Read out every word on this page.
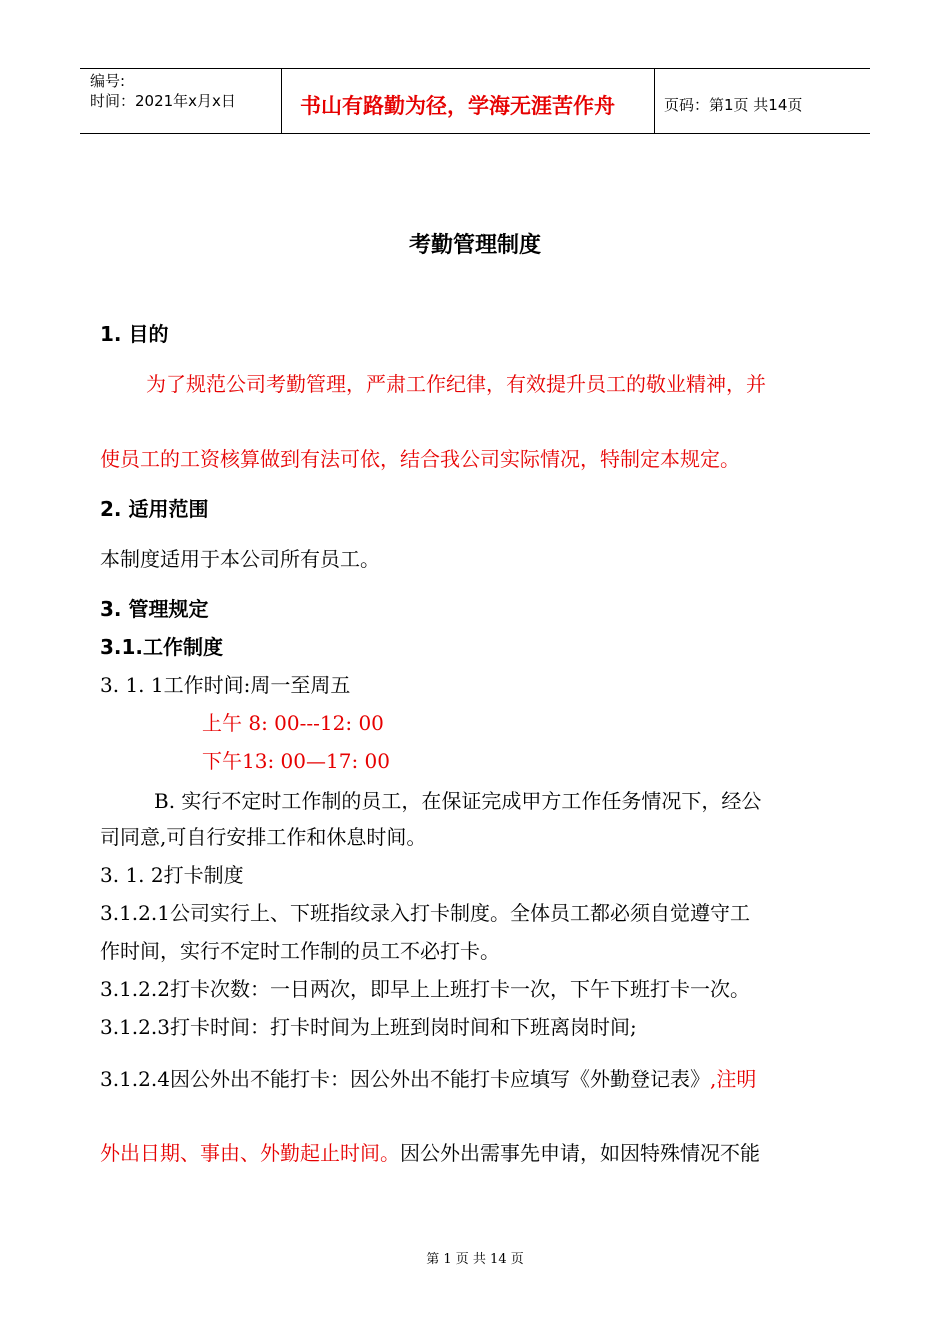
编号:
时间：2021年x月x日	书山有路勤为径，学海无涯苦作舟	页码：第1页 共14页
考勤管理制度
1. 目的
为了规范公司考勤管理，严肃工作纪律，有效提升员工的敬业精神，并
使员工的工资核算做到有法可依，结合我公司实际情况，特制定本规定。
2. 适用范围
本制度适用于本公司所有员工。
3. 管理规定
3.1.工作制度
3. 1. 1工作时间:周一至周五
上午 8: 00---12: 00
下午13: 00—17: 00
B. 实行不定时工作制的员工，在保证完成甲方工作任务情况下，经公
司同意,可自行安排工作和休息时间。
3. 1. 2打卡制度
3.1.2.1公司实行上、下班指纹录入打卡制度。全体员工都必须自觉遵守工
作时间，实行不定时工作制的员工不必打卡。
3.1.2.2打卡次数：一日两次，即早上上班打卡一次，下午下班打卡一次。
3.1.2.3打卡时间：打卡时间为上班到岗时间和下班离岗时间;
3.1.2.4因公外出不能打卡：因公外出不能打卡应填写《外勤登记表》,注明
外出日期、事由、外勤起止时间。因公外出需事先申请，如因特殊情况不能
第 1 页 共 14 页
